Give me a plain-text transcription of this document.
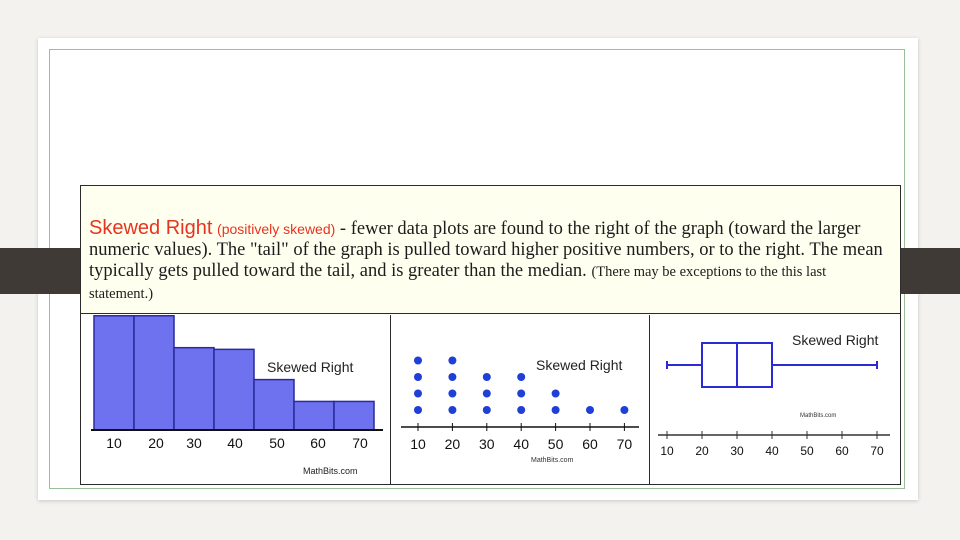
Skewed Right (positively skewed) - fewer data plots are found to the right of the graph (toward the larger numeric values). The "tail" of the graph is pulled toward higher positive numbers, or to the right. The mean typically gets pulled toward the tail, and is greater than the median. (There may be exceptions to the this last statement.)
Skewed Right
MathBits.com
10 20 30 40 50 60 70
Skewed Right
MathBits.com
10 20 30 40 50 60 70
Skewed Right
MathBits.com
10 20 30 40 50 60 70
